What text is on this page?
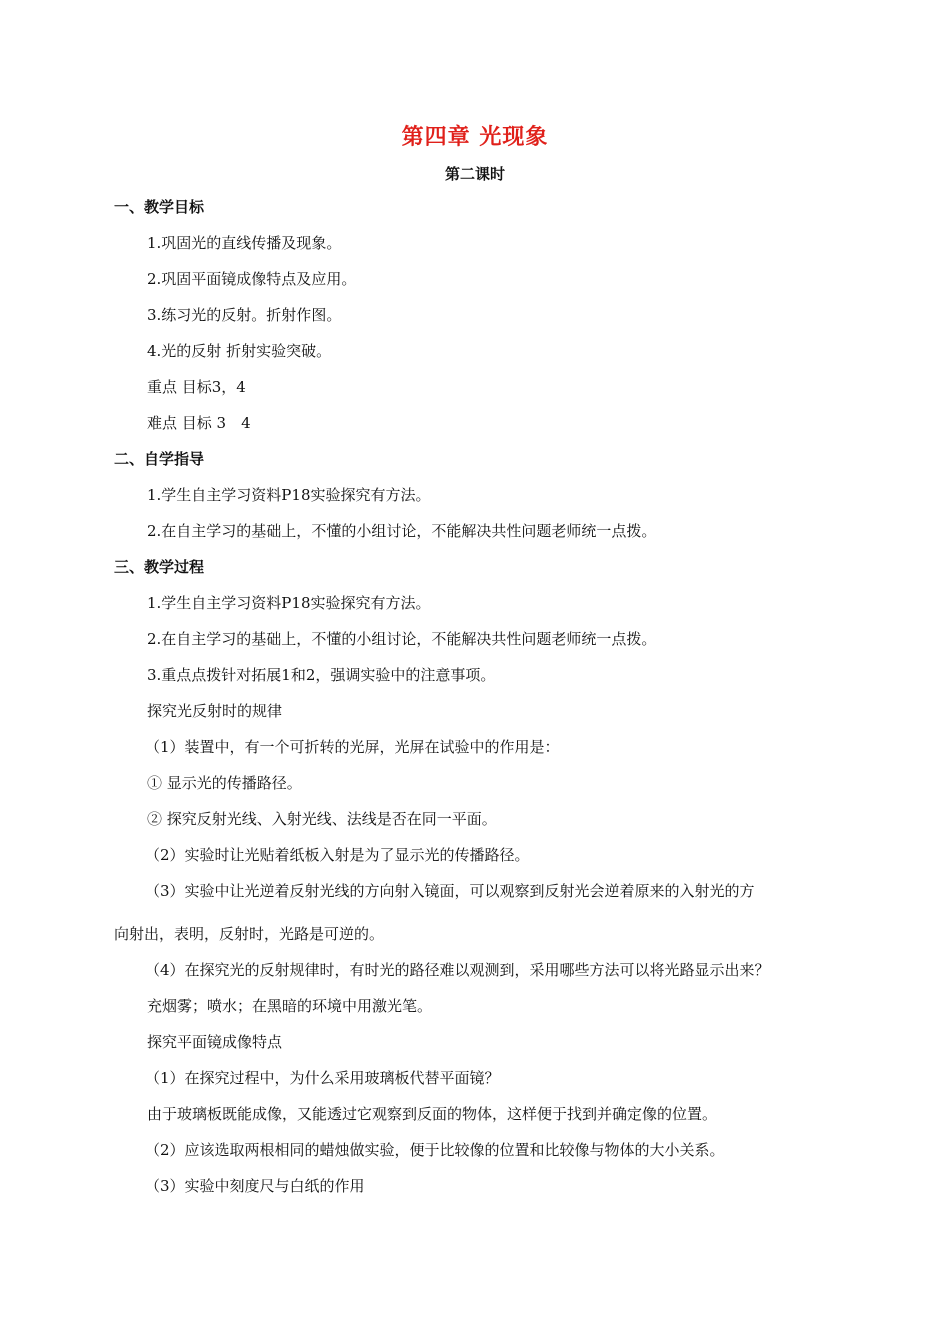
第四章 光现象
第二课时
一、教学目标
1.巩固光的直线传播及现象。
2.巩固平面镜成像特点及应用。
3.练习光的反射。折射作图。
4.光的反射 折射实验突破。
重点 目标3，4
难点 目标 3　4
二、自学指导
1.学生自主学习资料P18实验探究有方法。
2.在自主学习的基础上，不懂的小组讨论，不能解决共性问题老师统一点拨。
三、教学过程
1.学生自主学习资料P18实验探究有方法。
2.在自主学习的基础上，不懂的小组讨论，不能解决共性问题老师统一点拨。
3.重点点拨针对拓展1和2，强调实验中的注意事项。
探究光反射时的规律
（1）装置中，有一个可折转的光屏，光屏在试验中的作用是：
① 显示光的传播路径。
② 探究反射光线、入射光线、法线是否在同一平面。
（2）实验时让光贴着纸板入射是为了显示光的传播路径。
（3）实验中让光逆着反射光线的方向射入镜面，可以观察到反射光会逆着原来的入射光的方
向射出，表明，反射时，光路是可逆的。
（4）在探究光的反射规律时，有时光的路径难以观测到，采用哪些方法可以将光路显示出来？
充烟雾；喷水；在黑暗的环境中用激光笔。
探究平面镜成像特点
（1）在探究过程中，为什么采用玻璃板代替平面镜？
由于玻璃板既能成像，又能透过它观察到反面的物体，这样便于找到并确定像的位置。
（2）应该选取两根相同的蜡烛做实验，便于比较像的位置和比较像与物体的大小关系。
（3）实验中刻度尺与白纸的作用
